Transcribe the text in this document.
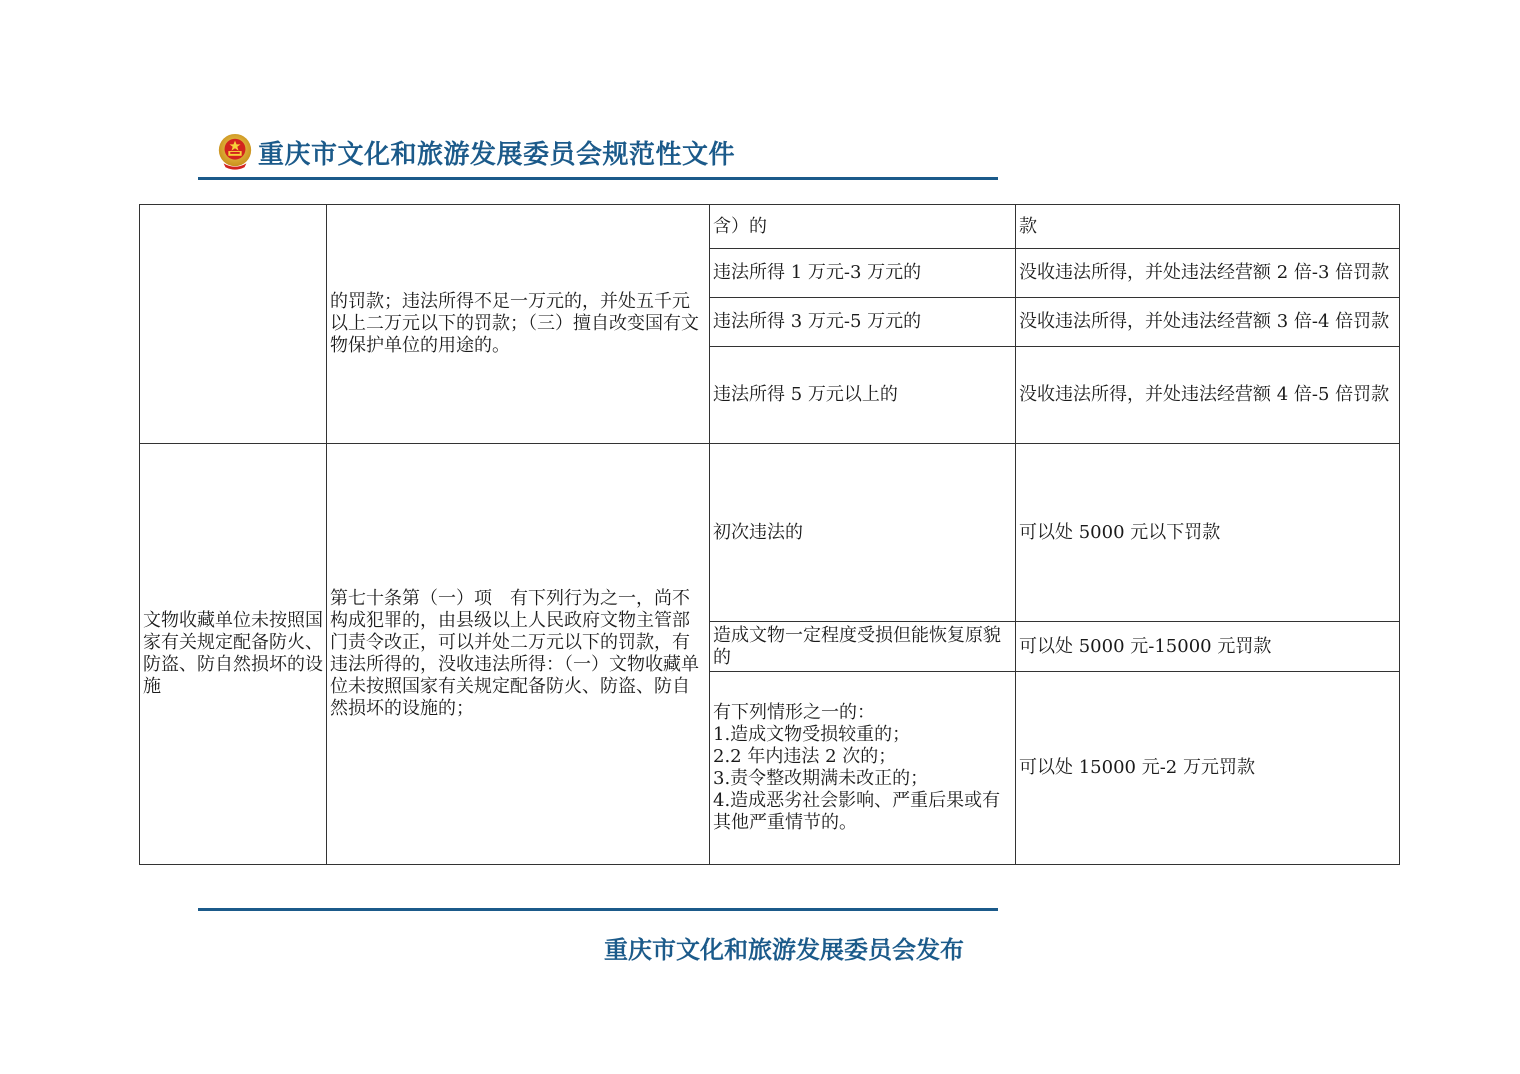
重庆市文化和旅游发展委员会规范性文件
	的罚款；违法所得不足一万元的，并处五千元以上二万元以下的罚款；（三）擅自改变国有文物保护单位的用途的。	含）的	款
		违法所得 1 万元-3 万元的	没收违法所得，并处违法经营额 2 倍-3 倍罚款
		违法所得 3 万元-5 万元的	没收违法所得，并处违法经营额 3 倍-4 倍罚款
		违法所得 5 万元以上的	没收违法所得，并处违法经营额 4 倍-5 倍罚款
文物收藏单位未按照国家有关规定配备防火、防盗、防自然损坏的设施	第七十条第（一）项　有下列行为之一，尚不构成犯罪的，由县级以上人民政府文物主管部门责令改正，可以并处二万元以下的罚款，有违法所得的，没收违法所得：（一）文物收藏单位未按照国家有关规定配备防火、防盗、防自然损坏的设施的；	初次违法的	可以处 5000 元以下罚款
		造成文物一定程度受损但能恢复原貌的	可以处 5000 元-15000 元罚款

		有下列情形之一的：
1.造成文物受损较重的；
2.2 年内违法 2 次的；
3.责令整改期满未改正的；
4.造成恶劣社会影响、严重后果或有其他严重情节的。	可以处 15000 元-2 万元罚款
重庆市文化和旅游发展委员会发布
